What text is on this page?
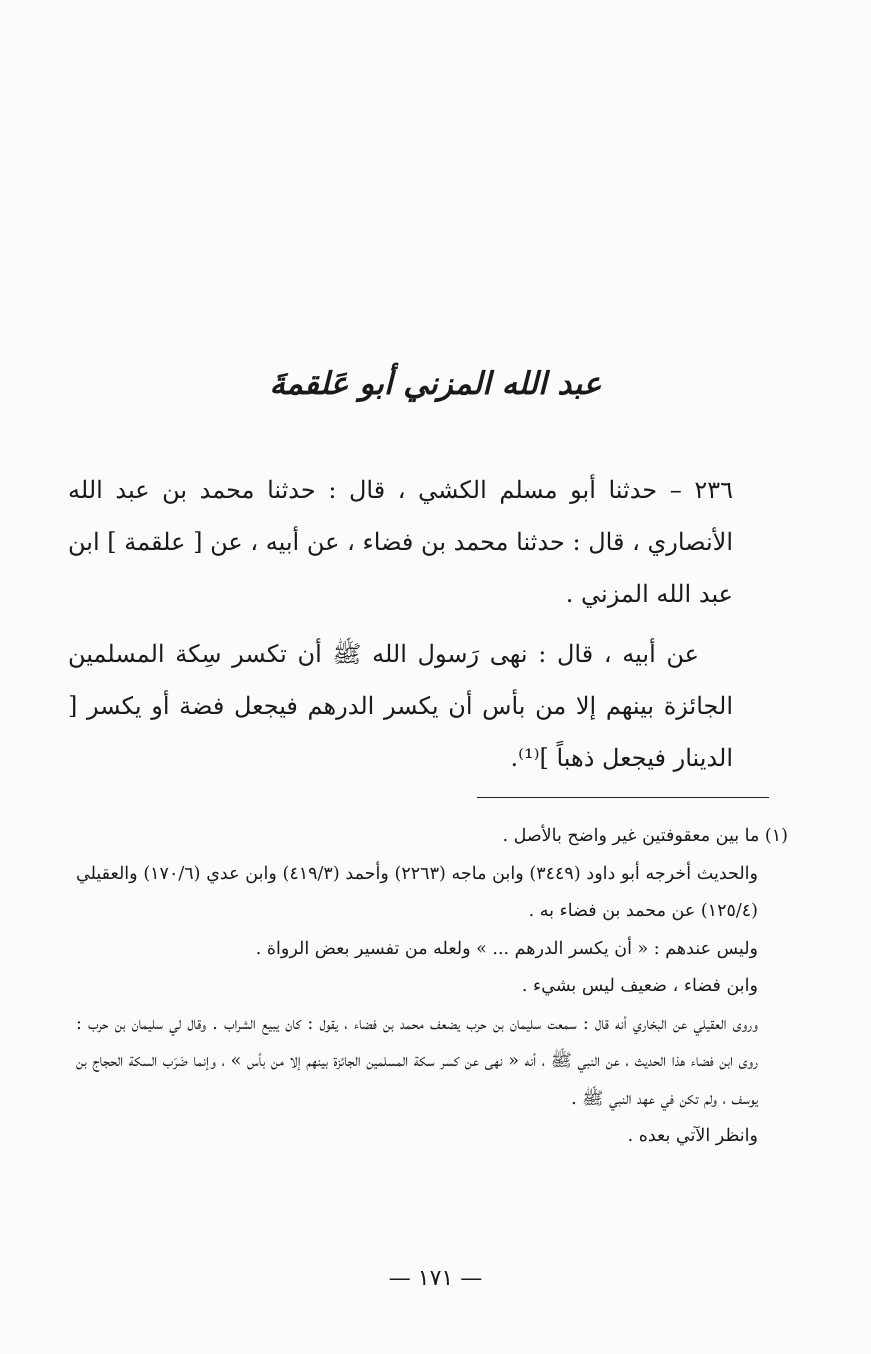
عبد الله المزني أبو عَلقمةَ

٢٣٦ – حدثنا أبو مسلم الكشي ، قال : حدثنا محمد بن عبد الله الأنصاري ، قال : حدثنا محمد بن فضاء ، عن أبيه ، عن [ علقمة ] ابن عبد الله المزني .

عن أبيه ، قال : نهى رَسول الله ﷺ أن تكسر سِكة المسلمين الجائزة بينهم إلا من بأس أن يكسر الدرهم فيجعل فضة أو يكسر [ الدينار فيجعل ذهباً ]⁽¹⁾.

(١) ما بين معقوفتين غير واضح بالأصل .

والحديث أخرجه أبو داود (٣٤٤٩) وابن ماجه (٢٢٦٣) وأحمد (٤١٩/٣) وابن عدي (١٧٠/٦) والعقيلي (١٢٥/٤) عن محمد بن فضاء به .

وليس عندهم : « أن يكسر الدرهم ... » ولعله من تفسير بعض الرواة .

وابن فضاء ، ضعيف ليس بشيء .

وروى العقيلي عن البخاري أنه قال : سمعت سليمان بن حرب يضعف محمد بن فضاء ، يقول : كان يبيع الشراب . وقال لي سليمان بن حرب : روى ابن فضاء هذا الحديث ، عن النبي ﷺ ، أنه « نهى عن كسر سكة المسلمين الجائزة بينهم إلا من بأس » ، وإنما ضَرَب السكة الحجاج بن يوسف ، ولم تكن في عهد النبي ﷺ .

وانظر الآتي بعده .

— ١٧١ —
